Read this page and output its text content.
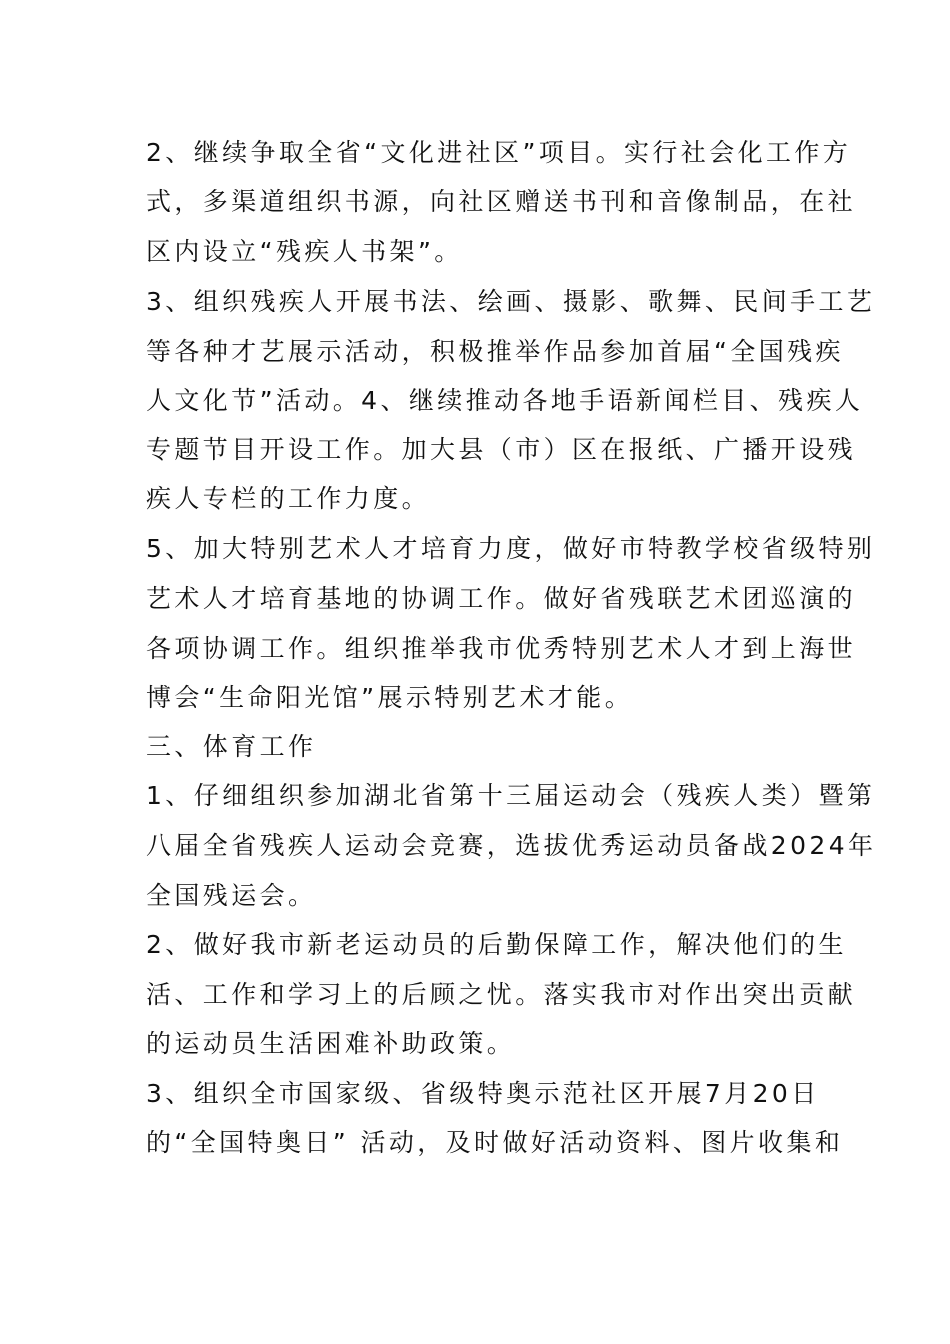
2、继续争取全省“文化进社区”项目。实行社会化工作方
式，多渠道组织书源，向社区赠送书刊和音像制品，在社
区内设立“残疾人书架”。
3、组织残疾人开展书法、绘画、摄影、歌舞、民间手工艺
等各种才艺展示活动，积极推举作品参加首届“全国残疾
人文化节”活动。4、继续推动各地手语新闻栏目、残疾人
专题节目开设工作。加大县（市）区在报纸、广播开设残
疾人专栏的工作力度。
5、加大特别艺术人才培育力度，做好市特教学校省级特别
艺术人才培育基地的协调工作。做好省残联艺术团巡演的
各项协调工作。组织推举我市优秀特别艺术人才到上海世
博会“生命阳光馆”展示特别艺术才能。
三、体育工作
1、仔细组织参加湖北省第十三届运动会（残疾人类）暨第
八届全省残疾人运动会竞赛，选拔优秀运动员备战2024年
全国残运会。
2、做好我市新老运动员的后勤保障工作，解决他们的生
活、工作和学习上的后顾之忧。落实我市对作出突出贡献
的运动员生活困难补助政策。
3、组织全市国家级、省级特奥示范社区开展7月20日
的“全国特奥日” 活动，及时做好活动资料、图片收集和
